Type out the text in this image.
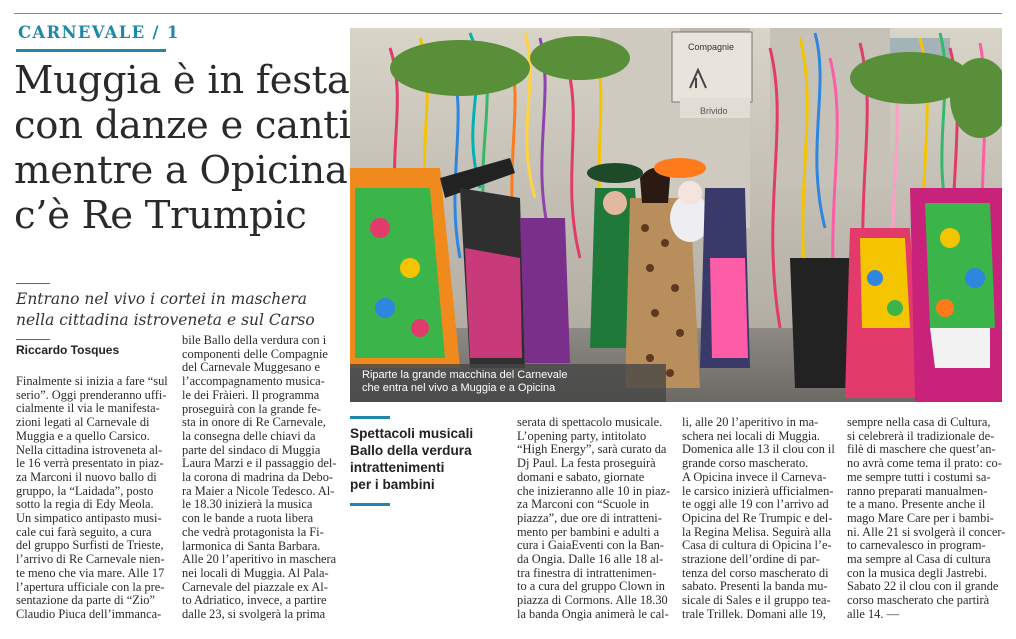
CARNEVALE / 1
Muggia è in festa
con danze e canti
mentre a Opicina
c’è Re Trumpic
Entrano nel vivo i cortei in maschera
nella cittadina istroveneta e sul Carso
Riccardo Tosques
Compagnie
Brivido
Riparte la grande macchina del Carnevale
che entra nel vivo a Muggia e a Opicina
Spettacoli musicali
Ballo della verdura
intrattenimenti
per i bambini
Finalmente si inizia a fare “sul
serio”. Oggi prenderanno uffi-
cialmente il via le manifesta-
zioni legati al Carnevale di
Muggia e a quello Carsico.
Nella cittadina istroveneta al-
le 16 verrà presentato in piaz-
za Marconi il nuovo ballo di
gruppo, la “Laidada”, posto
sotto la regia di Edy Meola.
Un simpatico antipasto musi-
cale cui farà seguito, a cura
del gruppo Surfisti de Trieste,
l’arrivo di Re Carnevale nien-
te meno che via mare. Alle 17
l’apertura ufficiale con la pre-
sentazione da parte di “Zio”
Claudio Piuca dell’immanca-
bile Ballo della verdura con i
componenti delle Compagnie
del Carnevale Muggesano e
l’accompagnamento musica-
le dei Fràieri. Il programma
proseguirà con la grande fe-
sta in onore di Re Carnevale,
la consegna delle chiavi da
parte del sindaco di Muggia
Laura Marzi e il passaggio del-
la corona di madrina da Debo-
ra Maier a Nicole Tedesco. Al-
le 18.30 inizierà la musica
con le bande a ruota libera
che vedrà protagonista la Fi-
larmonica di Santa Barbara.
Alle 20 l’aperitivo in maschera
nei locali di Muggia. Al Pala-
Carnevale del piazzale ex Al-
to Adriatico, invece, a partire
dalle 23, si svolgerà la prima
serata di spettacolo musicale.
L’opening party, intitolato
“High Energy”, sarà curato da
Dj Paul. La festa proseguirà
domani e sabato, giornate
che inizieranno alle 10 in piaz-
za Marconi con “Scuole in
piazza”, due ore di intratteni-
mento per bambini e adulti a
cura i GaiaEventi con la Ban-
da Ongia. Dalle 16 alle 18 al-
tra finestra di intrattenimen-
to a cura del gruppo Clown in
piazza di Cormons. Alle 18.30
la banda Ongia animerà le cal-
li, alle 20 l’aperitivo in ma-
schera nei locali di Muggia.
Domenica alle 13 il clou con il
grande corso mascherato.
A Opicina invece il Carneva-
le carsico inizierà ufficialmen-
te oggi alle 19 con l’arrivo ad
Opicina del Re Trumpic e del-
la Regina Melisa. Seguirà alla
Casa di cultura di Opicina l’e-
strazione dell’ordine di par-
tenza del corso mascherato di
sabato. Presenti la banda mu-
sicale di Sales e il gruppo tea-
trale Trillek. Domani alle 19,
sempre nella casa di Cultura,
si celebrerà il tradizionale de-
filè di maschere che quest’an-
no avrà come tema il prato: co-
me sempre tutti i costumi sa-
ranno preparati manualmen-
te a mano. Presente anche il
mago Mare Care per i bambi-
ni. Alle 21 si svolgerà il concer-
to carnevalesco in program-
ma sempre al Casa di cultura
con la musica degli Jastrebi.
Sabato 22 il clou con il grande
corso mascherato che partirà
alle 14. —
